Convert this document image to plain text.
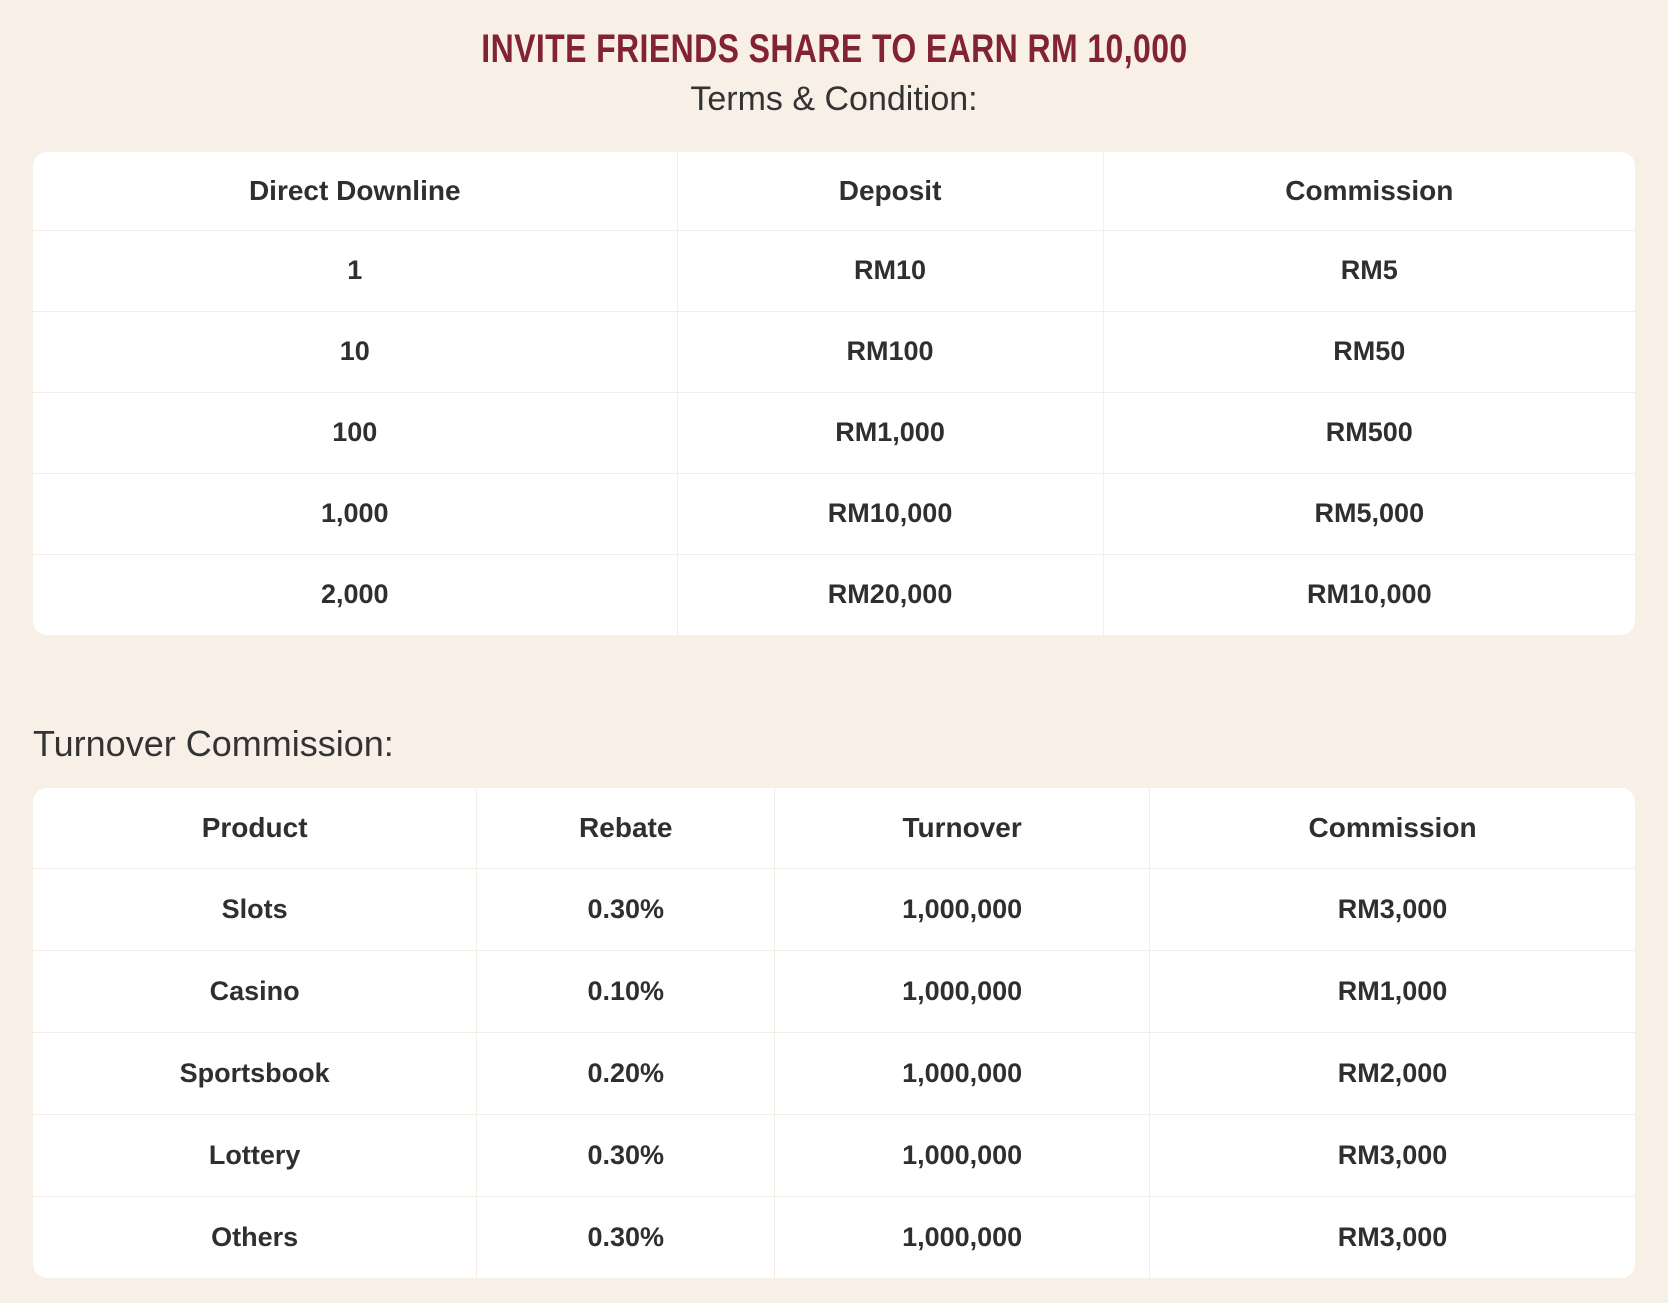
INVITE FRIENDS SHARE TO EARN RM 10,000
Terms & Condition:
Direct Downline	Deposit	Commission
1	RM10	RM5
10	RM100	RM50
100	RM1,000	RM500
1,000	RM10,000	RM5,000
2,000	RM20,000	RM10,000
Turnover Commission:
Product	Rebate	Turnover	Commission
Slots	0.30%	1,000,000	RM3,000
Casino	0.10%	1,000,000	RM1,000
Sportsbook	0.20%	1,000,000	RM2,000
Lottery	0.30%	1,000,000	RM3,000
Others	0.30%	1,000,000	RM3,000
